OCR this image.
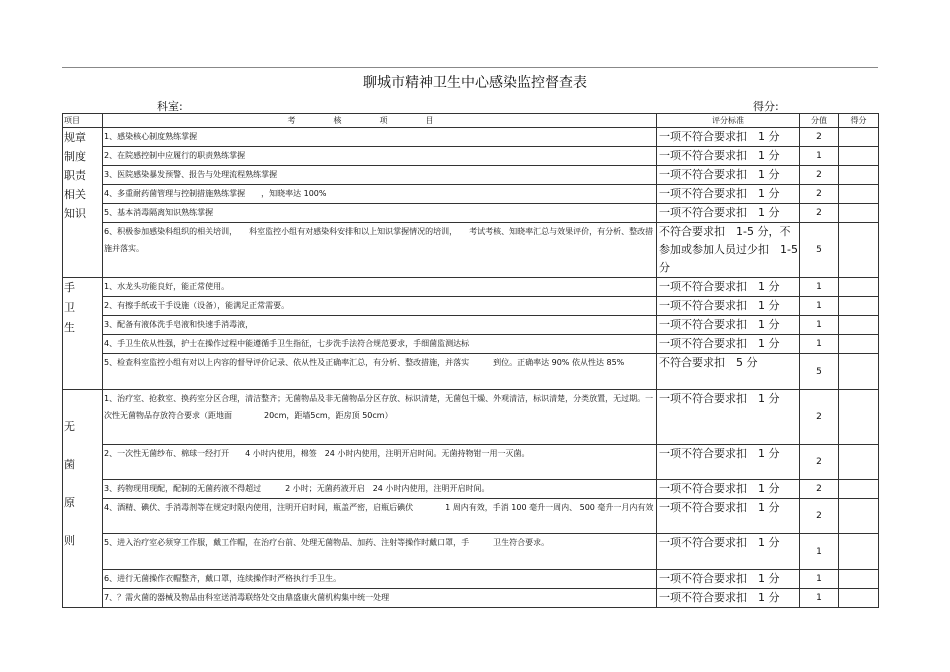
聊城市精神卫生中心感染监控督查表
科室:	得分:
项目	考核项目	评分标准	分值	得分

规章
制度
职责
相关
知识	1、感染核心制度熟练掌握	一项不符合要求扣　1 分	2	
	2、在院感控制中应履行的职责熟练掌握	一项不符合要求扣　1 分	1	
	3、医院感染暴发预警、报告与处理流程熟练掌握	一项不符合要求扣　1 分	2	
	4、多重耐药菌管理与控制措施熟练掌握　　，知晓率达 100%	一项不符合要求扣　1 分	2	
	5、基本消毒隔离知识熟练掌握	一项不符合要求扣　1 分	2	
	6、积极参加感染科组织的相关培训，　　科室监控小组有对感染科安排和以上知识掌握情况的培训，　　考试考核、知晓率汇总与效果评价，有分析、整改措施并落实。	不符合要求扣　1-5 分，不参加或参加人员过少扣　1-5 分	5	

手
卫
生	1、水龙头功能良好，能正常使用。	一项不符合要求扣　1 分	1	
	2、有擦手纸或干手设施（设备），能满足正常需要。	一项不符合要求扣　1 分	1	
	3、配备有液体洗手皂液和快速手消毒液，	一项不符合要求扣　1 分	1	
	4、手卫生依从性强，护士在操作过程中能遵循手卫生指征，七步洗手法符合规范要求，手细菌监测达标	一项不符合要求扣　1 分	1	
	5、检查科室监控小组有对以上内容的督导评价记录、依从性及正确率汇总，有分析、整改措施，并落实　　　到位。正确率达 90% 依从性达 85%	不符合要求扣　5 分	5	

无
菌
原
则	1、治疗室、抢救室、换药室分区合理，清洁整齐；无菌物品及非无菌物品分区存放、标识清楚，无菌包干燥、外观清洁，标识清楚，分类放置，无过期。一次性无菌物品存放符合要求（距地面　　　　20cm，距墙5cm，距房顶 50cm）	一项不符合要求扣　1 分	2	
	2、一次性无菌纱布、棉球一经打开　　4 小时内使用，棉签　24 小时内使用，注明开启时间。无菌持物钳一用一灭菌。	一项不符合要求扣　1 分	2	
	3、药物现用现配，配制的无菌药液不得超过　　　2 小时；无菌药液开启　24 小时内使用，注明开启时间。	一项不符合要求扣　1 分	2	
	4、酒精、碘伏、手消毒剂等在规定时限内使用，注明开启时间，瓶盖严密，启瓶后碘伏　　　　1 周内有效，手消 100 毫升一周内、 500 毫升一月内有效	一项不符合要求扣　1 分	2	
	5、进入治疗室必须穿工作服，戴工作帽，在治疗台前、处理无菌物品、加药、注射等操作时戴口罩，手　　　卫生符合要求。	一项不符合要求扣　1 分	1	
	6、进行无菌操作衣帽整齐，戴口罩，连续操作时严格执行手卫生。	一项不符合要求扣　1 分	1	
	7、？需火菌的器械及物品由科室送消毒联络处交由鼎盛康火菌机构集中统一处理	一项不符合要求扣　1 分	1	
